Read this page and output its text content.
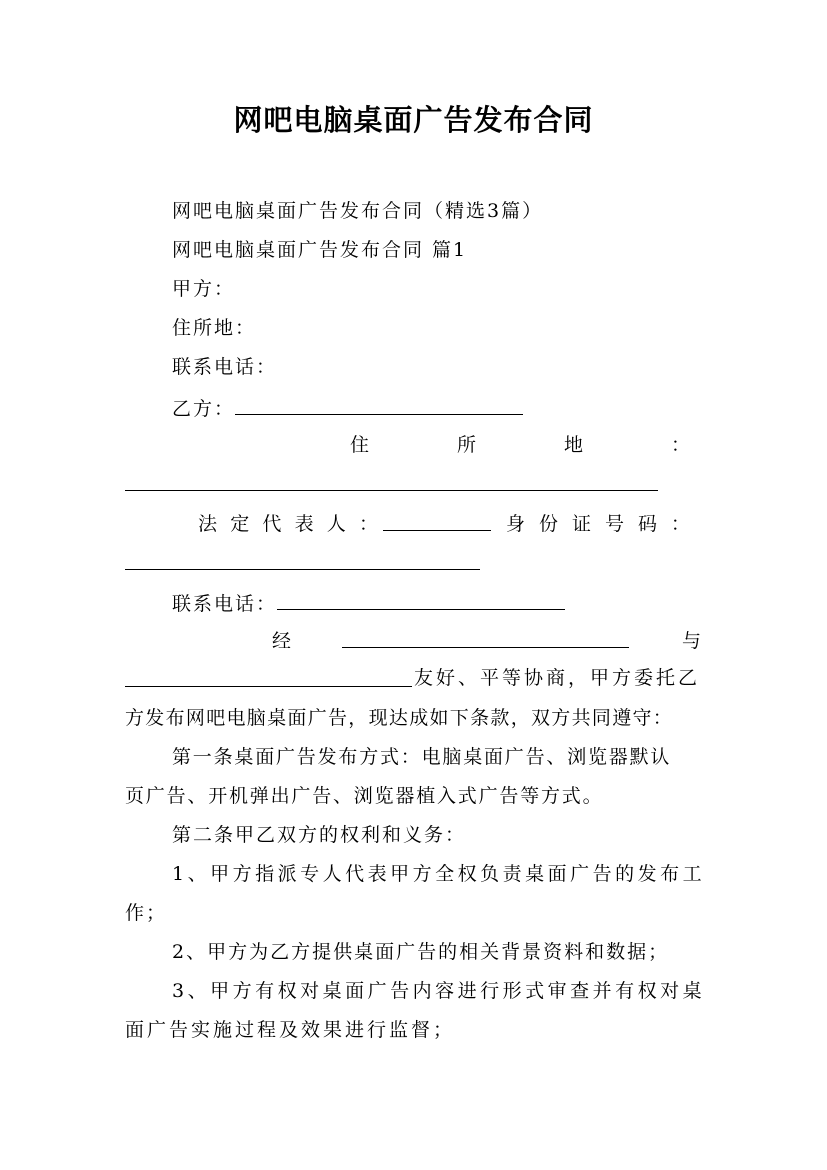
网吧电脑桌面广告发布合同
网吧电脑桌面广告发布合同（精选3篇）
网吧电脑桌面广告发布合同 篇1
甲方：
住所地：
联系电话：
乙方：
住	所	地	：
法 定 代 表 人 ：	身 份 证 号 码 ：
联系电话：
经	与
友好、平等协商，甲方委托乙
方发布网吧电脑桌面广告，现达成如下条款，双方共同遵守：
第一条桌面广告发布方式：电脑桌面广告、浏览器默认
页广告、开机弹出广告、浏览器植入式广告等方式。
第二条甲乙双方的权利和义务：
1、甲方指派专人代表甲方全权负责桌面广告的发布工
作；
2、甲方为乙方提供桌面广告的相关背景资料和数据；
3、甲方有权对桌面广告内容进行形式审查并有权对桌
面广告实施过程及效果进行监督；
